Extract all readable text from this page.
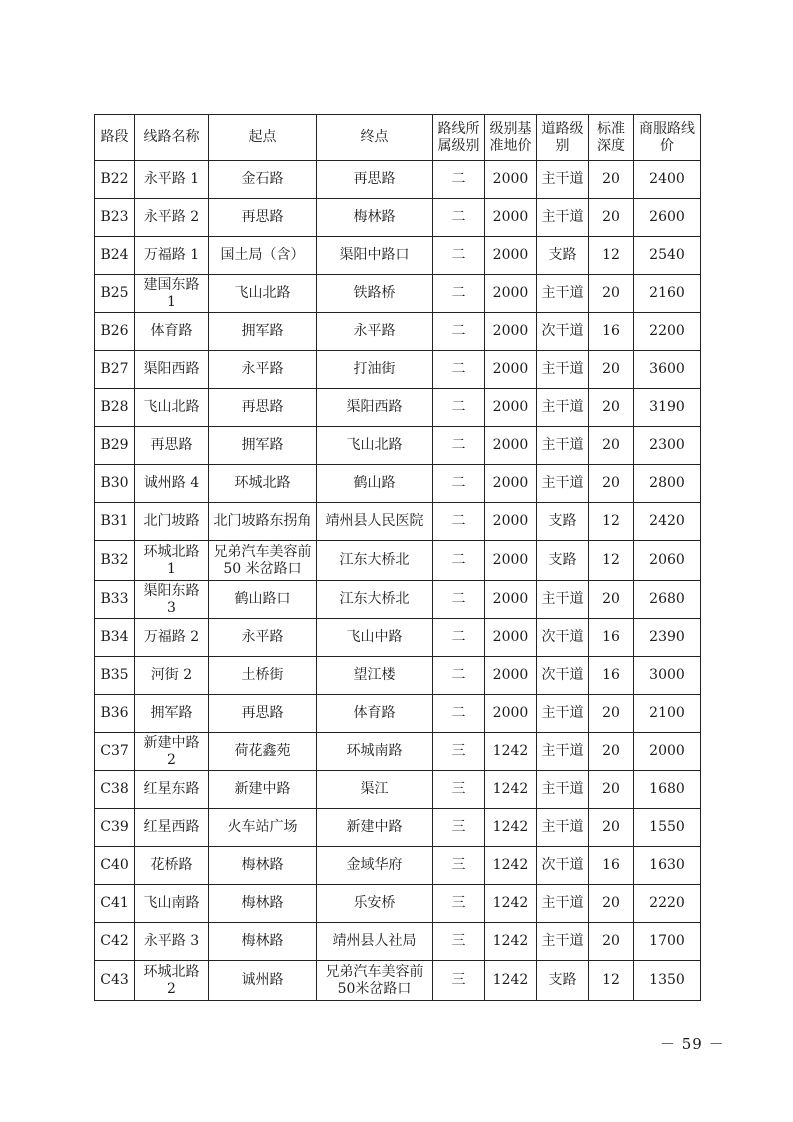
路段	线路名称	起点	终点	路线所属级别	级别基准地价	道路级别	标准深度	商服路线价
B22	永平路 1	金石路	再思路	二	2000	主干道	20	2400
B23	永平路 2	再思路	梅林路	二	2000	主干道	20	2600
B24	万福路 1	国土局（含）	渠阳中路口	二	2000	支路	12	2540
B25	建国东路 1	飞山北路	铁路桥	二	2000	主干道	20	2160
B26	体育路	拥军路	永平路	二	2000	次干道	16	2200
B27	渠阳西路	永平路	打油街	二	2000	主干道	20	3600
B28	飞山北路	再思路	渠阳西路	二	2000	主干道	20	3190
B29	再思路	拥军路	飞山北路	二	2000	主干道	20	2300
B30	诚州路 4	环城北路	鹤山路	二	2000	主干道	20	2800
B31	北门坡路	北门坡路东拐角	靖州县人民医院	二	2000	支路	12	2420
B32	环城北路 1	兄弟汽车美容前50 米岔路口	江东大桥北	二	2000	支路	12	2060
B33	渠阳东路 3	鹤山路口	江东大桥北	二	2000	主干道	20	2680
B34	万福路 2	永平路	飞山中路	二	2000	次干道	16	2390
B35	河街 2	土桥街	望江楼	二	2000	次干道	16	3000
B36	拥军路	再思路	体育路	二	2000	主干道	20	2100
C37	新建中路 2	荷花鑫苑	环城南路	三	1242	主干道	20	2000
C38	红星东路	新建中路	渠江	三	1242	主干道	20	1680
C39	红星西路	火车站广场	新建中路	三	1242	主干道	20	1550
C40	花桥路	梅林路	金域华府	三	1242	次干道	16	1630
C41	飞山南路	梅林路	乐安桥	三	1242	主干道	20	2220
C42	永平路 3	梅林路	靖州县人社局	三	1242	主干道	20	1700
C43	环城北路 2	诚州路	兄弟汽车美容前 50米岔路口	三	1242	支路	12	1350
－ 59 －
